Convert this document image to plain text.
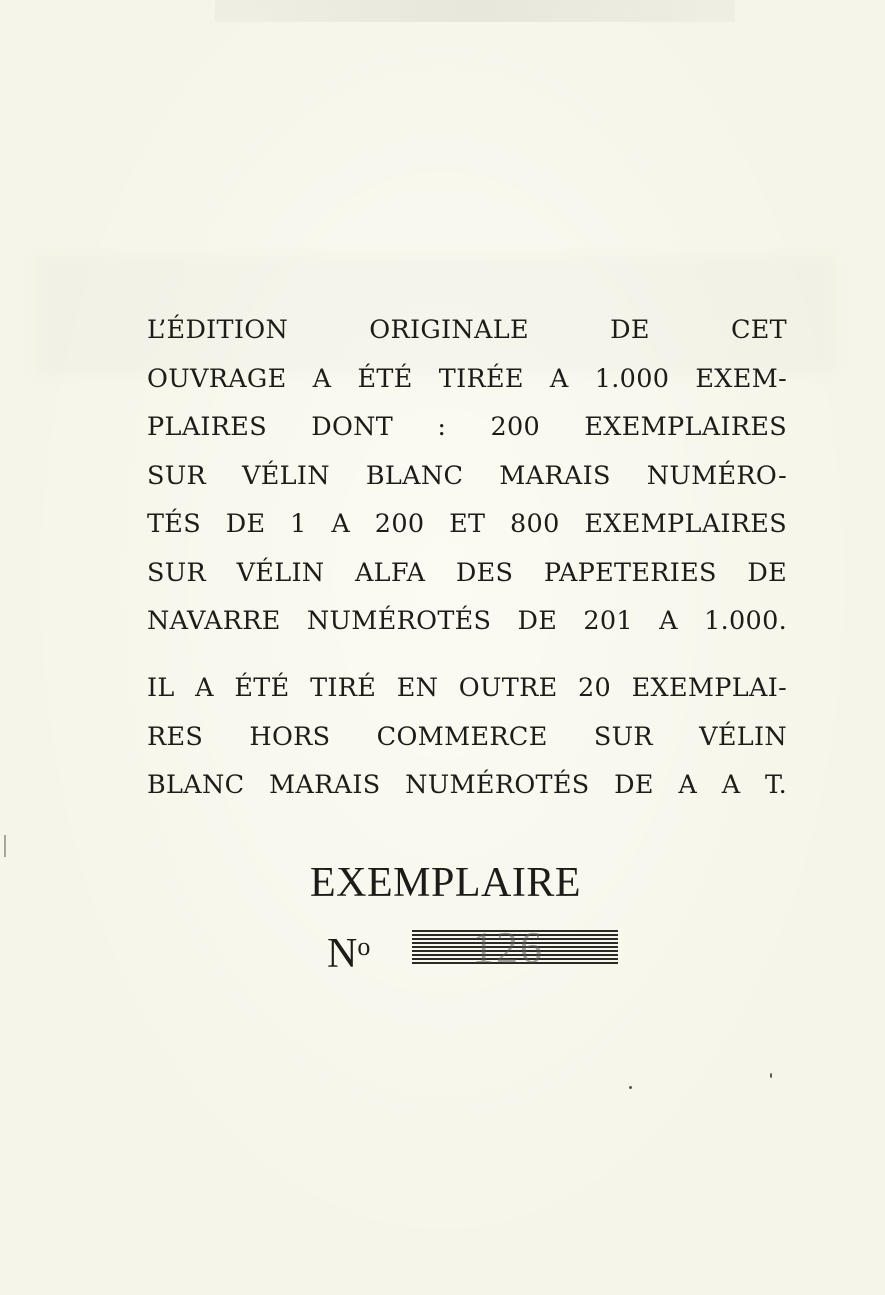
L’ÉDITION ORIGINALE DE CET
OUVRAGE A ÉTÉ TIRÉE A 1.000 EXEM-
PLAIRES DONT : 200 EXEMPLAIRES
SUR VÉLIN BLANC MARAIS NUMÉRO-
TÉS DE 1 A 200 ET 800 EXEMPLAIRES
SUR VÉLIN ALFA DES PAPETERIES DE
NAVARRE NUMÉROTÉS DE 201 A 1.000.
IL A ÉTÉ TIRÉ EN OUTRE 20 EXEMPLAI-
RES HORS COMMERCE SUR VÉLIN
BLANC MARAIS NUMÉROTÉS DE A A T.
EXEMPLAIRE
$N^o$ 126
